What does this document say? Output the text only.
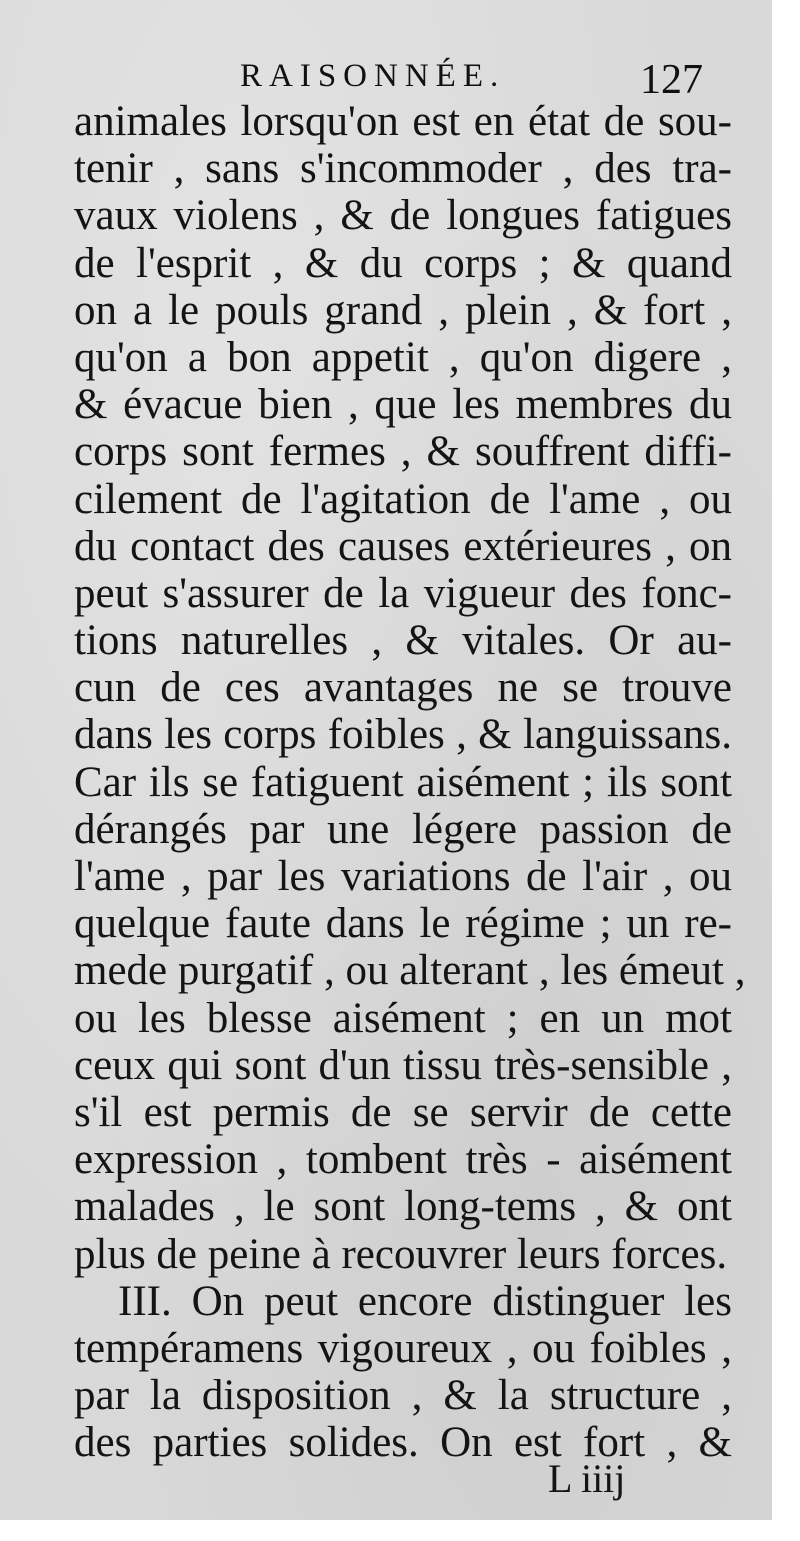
RAISONNÉE.	127
animales lorsqu'on est en état de sou-
tenir , sans s'incommoder , des tra-
vaux violens , & de longues fatigues
de l'esprit , & du corps ; & quand
on a le pouls grand , plein , & fort ,
qu'on a bon appetit , qu'on digere ,
& évacue bien , que les membres du
corps sont fermes , & souffrent diffi-
cilement de l'agitation de l'ame , ou
du contact des causes extérieures , on
peut s'assurer de la vigueur des fonc-
tions naturelles , & vitales. Or au-
cun de ces avantages ne se trouve
dans les corps foibles , & languissans.
Car ils se fatiguent aisément ; ils sont
dérangés par une légere passion de
l'ame , par les variations de l'air , ou
quelque faute dans le régime ; un re-
mede purgatif , ou alterant , les émeut ,
ou les blesse aisément ; en un mot
ceux qui sont d'un tissu très-sensible ,
s'il est permis de se servir de cette
expression , tombent très - aisément
malades , le sont long-tems , & ont
plus de peine à recouvrer leurs forces.
III. On peut encore distinguer les
tempéramens vigoureux , ou foibles ,
par la disposition , & la structure ,
des parties solides. On est fort , &
L iiij
